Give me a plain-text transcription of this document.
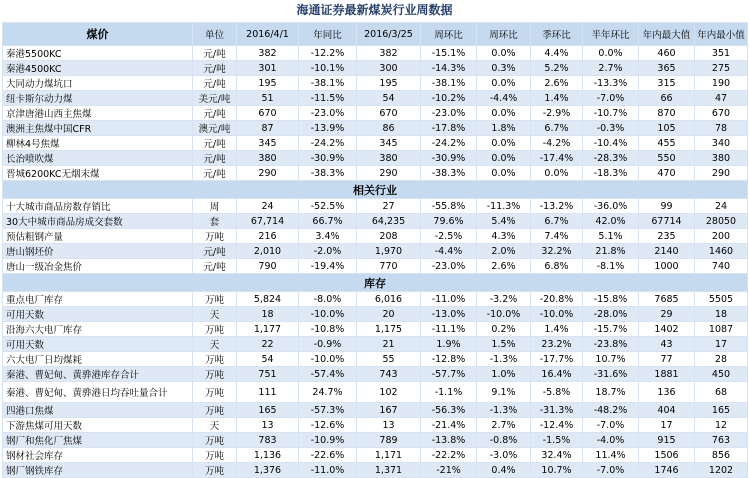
海通证券最新煤炭行业周数据
煤价	单位	2016/4/1	年同比	2016/3/25	周环比	周环比	季环比	半年环比	年内最大值	年内最小值
秦港5500KC	元/吨	382	-12.2%	382	-15.1%	0.0%	4.4%	0.0%	460	351
秦港4500KC	元/吨	301	-10.1%	300	-14.3%	0.3%	5.2%	2.7%	365	275
大同动力煤坑口	元/吨	195	-38.1%	195	-38.1%	0.0%	2.6%	-13.3%	315	190
纽卡斯尔动力煤	美元/吨	51	-11.5%	54	-10.2%	-4.4%	1.4%	-7.0%	66	47
京津唐港山西主焦煤	元/吨	670	-23.0%	670	-23.0%	0.0%	-2.9%	-10.7%	870	670
澳洲主焦煤中国CFR	澳元/吨	87	-13.9%	86	-17.8%	1.8%	6.7%	-0.3%	105	78
柳林4号焦煤	元/吨	345	-24.2%	345	-24.2%	0.0%	-4.2%	-10.4%	455	340
长治喷吹煤	元/吨	380	-30.9%	380	-30.9%	0.0%	-17.4%	-28.3%	550	380
晋城6200KC无烟末煤	元/吨	290	-38.3%	290	-38.3%	0.0%	0.0%	-18.3%	470	290
相关行业										
十大城市商品房数存销比	周	24	-52.5%	27	-55.8%	-11.3%	-13.2%	-36.0%	99	24
30大中城市商品房成交套数	套	67,714	66.7%	64,235	79.6%	5.4%	6.7%	42.0%	67714	28050
预估粗钢产量	万吨	216	3.4%	208	-2.5%	4.3%	7.4%	5.1%	235	200
唐山钢坯价	元/吨	2,010	-2.0%	1,970	-4.4%	2.0%	32.2%	21.8%	2140	1460
唐山一级冶金焦价	元/吨	790	-19.4%	770	-23.0%	2.6%	6.8%	-8.1%	1000	740
库存										
重点电厂库存	万吨	5,824	-8.0%	6,016	-11.0%	-3.2%	-20.8%	-15.8%	7685	5505
可用天数	天	18	-10.0%	20	-13.0%	-10.0%	-10.0%	-28.0%	29	18
沿海六大电厂库存	万吨	1,177	-10.8%	1,175	-11.1%	0.2%	1.4%	-15.7%	1402	1087
可用天数	天	22	-0.9%	21	1.9%	1.5%	23.2%	-23.8%	43	17
六大电厂日均煤耗	万吨	54	-10.0%	55	-12.8%	-1.3%	-17.7%	10.7%	77	28
秦港、曹妃甸、黄骅港库存合计	万吨	751	-57.4%	743	-57.7%	1.0%	16.4%	-31.6%	1881	450
秦港、曹妃甸、黄骅港日均吞吐量合计	万吨	111	24.7%	102	-1.1%	9.1%	-5.8%	18.7%	136	68
四港口焦煤	万吨	165	-57.3%	167	-56.3%	-1.3%	-31.3%	-48.2%	404	165
下游焦煤可用天数	天	13	-12.6%	13	-21.4%	2.7%	-12.4%	-7.0%	17	12
钢厂和焦化厂焦煤	万吨	783	-10.9%	789	-13.8%	-0.8%	-1.5%	-4.0%	915	763
钢材社会库存	万吨	1,136	-22.6%	1,171	-22.2%	-3.0%	32.4%	11.4%	1506	856
钢厂钢铁库存	万吨	1,376	-11.0%	1,371	-21%	0.4%	10.7%	-7.0%	1746	1202
